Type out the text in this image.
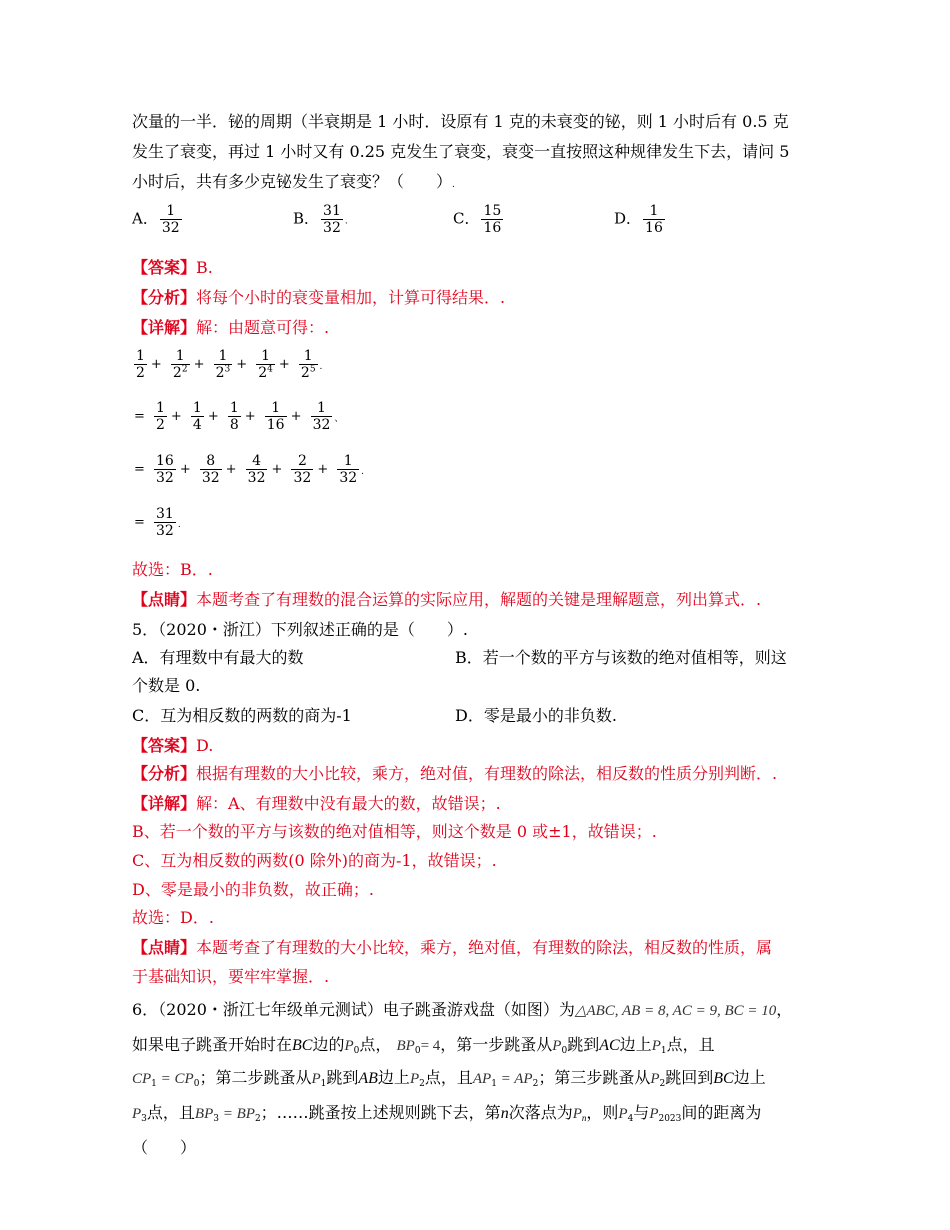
次量的一半．铋的周期（半衰期是 1 小时．设原有 1 克的未衰变的铋，则 1 小时后有 0.5 克
发生了衰变，再过 1 小时又有 0.25 克发生了衰变，衰变一直按照这种规律发生下去，请问 5
小时后，共有多少克铋发生了衰变？（　　）.
A． $\frac{1}{32}$	B． $\frac{31}{32}$ .	C． $\frac{15}{16}$	D． $\frac{1}{16}$
【答案】B.
【分析】将每个小时的衰变量相加，计算可得结果．.
【详解】解：由题意可得：.
$\frac{1}{2} + \frac{1}{2^2} + \frac{1}{2^3} + \frac{1}{2^4} + \frac{1}{2^5}$ .
= $\frac{1}{2} + \frac{1}{4} + \frac{1}{8} + \frac{1}{16} + \frac{1}{32}$ 、
= $\frac{16}{32} + \frac{8}{32} + \frac{4}{32} + \frac{2}{32} + \frac{1}{32}$ .
= $\frac{31}{32}$ .
故选：B．.
【点睛】本题考查了有理数的混合运算的实际应用，解题的关键是理解题意，列出算式．.
5．（2020・浙江）下列叙述正确的是（　　）.
A．有理数中有最大的数	B．若一个数的平方与该数的绝对值相等，则这
个数是 0.
C．互为相反数的两数的商为-1	D．零是最小的非负数.
【答案】D.
【分析】根据有理数的大小比较，乘方，绝对值，有理数的除法，相反数的性质分别判断．.
【详解】解：A、有理数中没有最大的数，故错误；.
B、若一个数的平方与该数的绝对值相等，则这个数是 0 或±1，故错误；.
C、互为相反数的两数(0 除外)的商为-1，故错误；.
D、零是最小的非负数，故正确；.
故选：D．.
【点睛】本题考查了有理数的大小比较，乘方，绝对值，有理数的除法，相反数的性质，属
于基础知识，要牢牢掌握．.
6．（2020・浙江七年级单元测试）电子跳蚤游戏盘（如图）为△ABC, AB = 8, AC = 9, BC = 10，
如果电子跳蚤开始时在BC边的$P_0$点， $BP_0= 4$，第一步跳蚤从$P_0$跳到AC边上$P_1$点，且
$CP_1 = CP_0$；第二步跳蚤从$P_1$跳到AB边上$P_2$点，且$AP_1 = AP_2$；第三步跳蚤从$P_2$跳回到BC边上
$P_3$点，且$BP_3 = BP_2$；……跳蚤按上述规则跳下去，第n次落点为$P_n$，则$P_4$与$P_{2023}$间的距离为
（　　）
